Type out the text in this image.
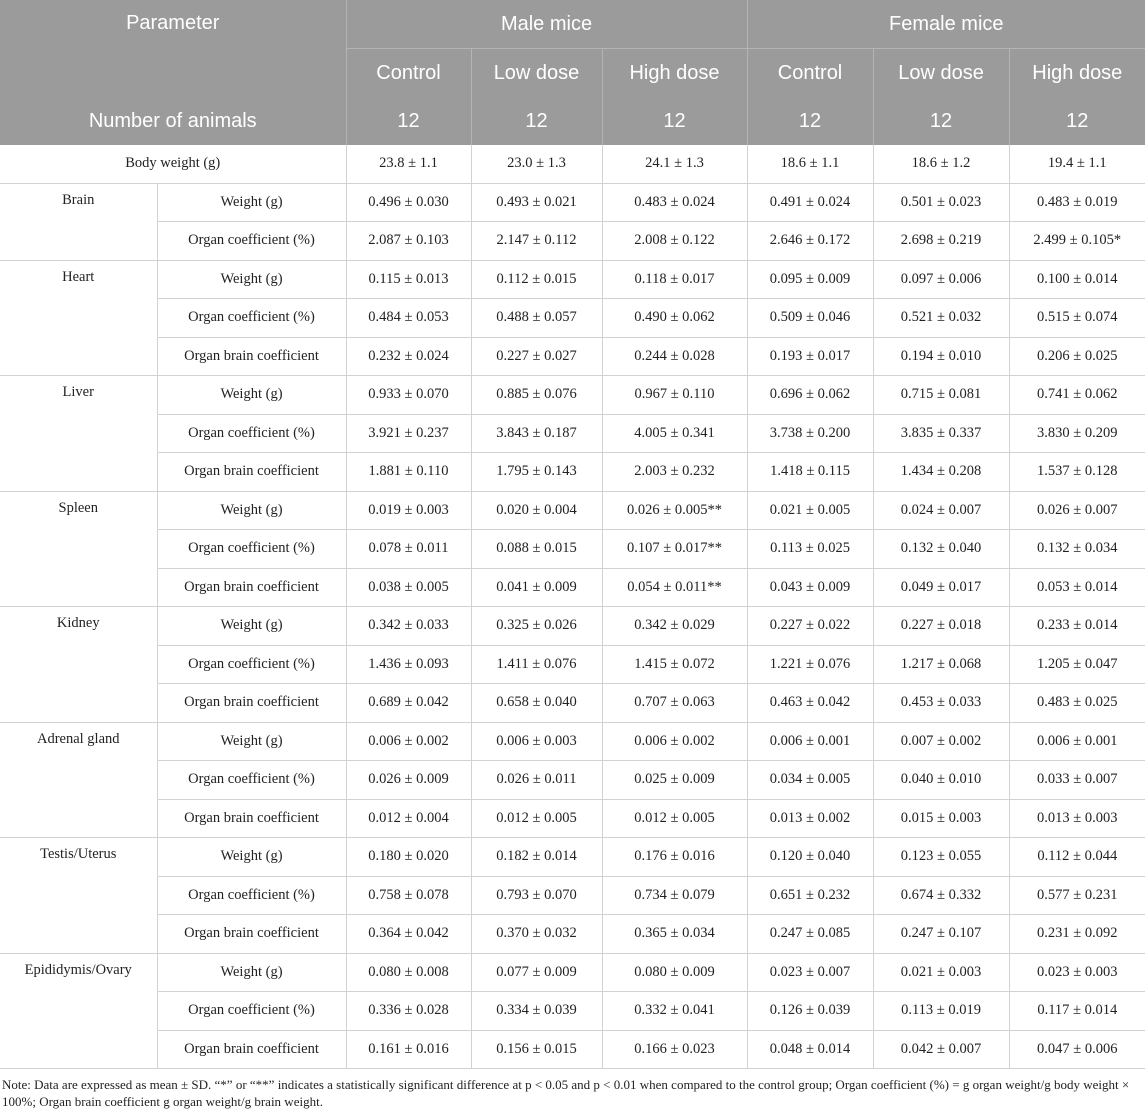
Parameter		Male mice			Female mice		
		Control	Low dose	High dose	Control	Low dose	High dose
Number of animals		12	12	12	12	12	12
Body weight (g)		23.8 ± 1.1	23.0 ± 1.3	24.1 ± 1.3	18.6 ± 1.1	18.6 ± 1.2	19.4 ± 1.1
Brain	Weight (g)	0.496 ± 0.030	0.493 ± 0.021	0.483 ± 0.024	0.491 ± 0.024	0.501 ± 0.023	0.483 ± 0.019
	Organ coefficient (%)	2.087 ± 0.103	2.147 ± 0.112	2.008 ± 0.122	2.646 ± 0.172	2.698 ± 0.219	2.499 ± 0.105*
Heart	Weight (g)	0.115 ± 0.013	0.112 ± 0.015	0.118 ± 0.017	0.095 ± 0.009	0.097 ± 0.006	0.100 ± 0.014
	Organ coefficient (%)	0.484 ± 0.053	0.488 ± 0.057	0.490 ± 0.062	0.509 ± 0.046	0.521 ± 0.032	0.515 ± 0.074
	Organ brain coefficient	0.232 ± 0.024	0.227 ± 0.027	0.244 ± 0.028	0.193 ± 0.017	0.194 ± 0.010	0.206 ± 0.025
Liver	Weight (g)	0.933 ± 0.070	0.885 ± 0.076	0.967 ± 0.110	0.696 ± 0.062	0.715 ± 0.081	0.741 ± 0.062
	Organ coefficient (%)	3.921 ± 0.237	3.843 ± 0.187	4.005 ± 0.341	3.738 ± 0.200	3.835 ± 0.337	3.830 ± 0.209
	Organ brain coefficient	1.881 ± 0.110	1.795 ± 0.143	2.003 ± 0.232	1.418 ± 0.115	1.434 ± 0.208	1.537 ± 0.128
Spleen	Weight (g)	0.019 ± 0.003	0.020 ± 0.004	0.026 ± 0.005**	0.021 ± 0.005	0.024 ± 0.007	0.026 ± 0.007
	Organ coefficient (%)	0.078 ± 0.011	0.088 ± 0.015	0.107 ± 0.017**	0.113 ± 0.025	0.132 ± 0.040	0.132 ± 0.034
	Organ brain coefficient	0.038 ± 0.005	0.041 ± 0.009	0.054 ± 0.011**	0.043 ± 0.009	0.049 ± 0.017	0.053 ± 0.014
Kidney	Weight (g)	0.342 ± 0.033	0.325 ± 0.026	0.342 ± 0.029	0.227 ± 0.022	0.227 ± 0.018	0.233 ± 0.014
	Organ coefficient (%)	1.436 ± 0.093	1.411 ± 0.076	1.415 ± 0.072	1.221 ± 0.076	1.217 ± 0.068	1.205 ± 0.047
	Organ brain coefficient	0.689 ± 0.042	0.658 ± 0.040	0.707 ± 0.063	0.463 ± 0.042	0.453 ± 0.033	0.483 ± 0.025
Adrenal gland	Weight (g)	0.006 ± 0.002	0.006 ± 0.003	0.006 ± 0.002	0.006 ± 0.001	0.007 ± 0.002	0.006 ± 0.001
	Organ coefficient (%)	0.026 ± 0.009	0.026 ± 0.011	0.025 ± 0.009	0.034 ± 0.005	0.040 ± 0.010	0.033 ± 0.007
	Organ brain coefficient	0.012 ± 0.004	0.012 ± 0.005	0.012 ± 0.005	0.013 ± 0.002	0.015 ± 0.003	0.013 ± 0.003
Testis/Uterus	Weight (g)	0.180 ± 0.020	0.182 ± 0.014	0.176 ± 0.016	0.120 ± 0.040	0.123 ± 0.055	0.112 ± 0.044
	Organ coefficient (%)	0.758 ± 0.078	0.793 ± 0.070	0.734 ± 0.079	0.651 ± 0.232	0.674 ± 0.332	0.577 ± 0.231
	Organ brain coefficient	0.364 ± 0.042	0.370 ± 0.032	0.365 ± 0.034	0.247 ± 0.085	0.247 ± 0.107	0.231 ± 0.092
Epididymis/Ovary	Weight (g)	0.080 ± 0.008	0.077 ± 0.009	0.080 ± 0.009	0.023 ± 0.007	0.021 ± 0.003	0.023 ± 0.003
	Organ coefficient (%)	0.336 ± 0.028	0.334 ± 0.039	0.332 ± 0.041	0.126 ± 0.039	0.113 ± 0.019	0.117 ± 0.014
	Organ brain coefficient	0.161 ± 0.016	0.156 ± 0.015	0.166 ± 0.023	0.048 ± 0.014	0.042 ± 0.007	0.047 ± 0.006

Note: Data are expressed as mean ± SD. “*” or “**” indicates a statistically significant difference at p < 0.05 and p < 0.01 when compared to the control group; Organ coefficient (%) = g organ weight/g body weight × 100%; Organ brain coefficient g organ weight/g brain weight.
